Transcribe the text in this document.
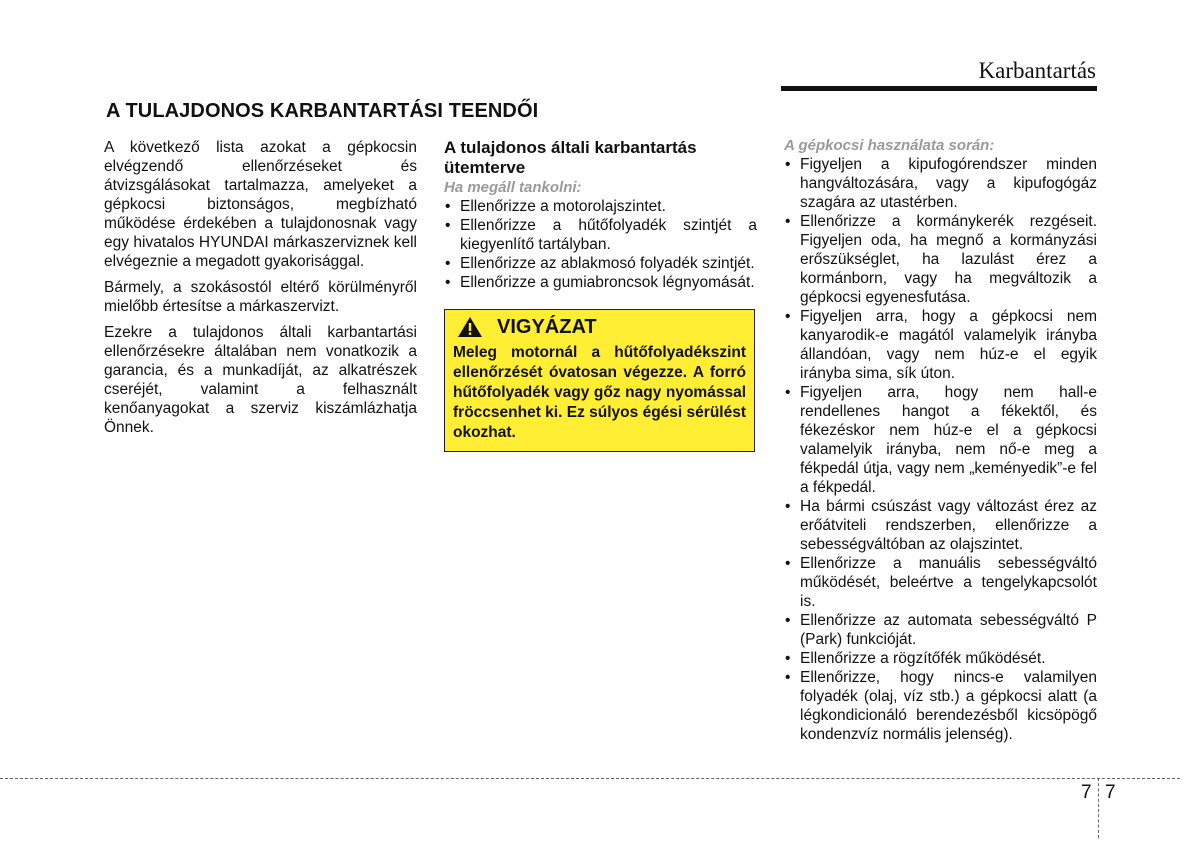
Karbantartás
A TULAJDONOS KARBANTARTÁSI TEENDŐI

A következő lista azokat a gépkocsin elvégzendő ellenőrzéseket és átvizsgálásokat tartalmazza, amelyeket a gépkocsi biztonságos, megbízható működése érdekében a tulajdonosnak vagy egy hivatalos HYUNDAI márkaszerviznek kell elvégeznie a megadott gyakorisággal.

Bármely, a szokásostól eltérő körülményről mielőbb értesítse a márkaszervizt.

Ezekre a tulajdonos általi karbantartási ellenőrzésekre általában nem vonatkozik a garancia, és a munkadíját, az alkatrészek cseréjét, valamint a felhasznált kenőanyagokat a szerviz kiszámlázhatja Önnek.

A tulajdonos általi karbantartás ütemterve

Ha megáll tankolni:

• Ellenőrizze a motorolajszintet.
• Ellenőrizze a hűtőfolyadék szintjét a kiegyenlítő tartályban.
• Ellenőrizze az ablakmosó folyadék szintjét.
• Ellenőrizze a gumiabroncsok légnyomását.
VIGYÁZAT
Meleg motornál a hűtőfolyadékszint ellenőrzését óvatosan végezze. A forró hűtőfolyadék vagy gőz nagy nyomással fröccsenhet ki. Ez súlyos égési sérülést okozhat.

A gépkocsi használata során:

• Figyeljen a kipufogórendszer minden hangváltozására, vagy a kipufogógáz szagára az utastérben.
• Ellenőrizze a kormánykerék rezgéseit. Figyeljen oda, ha megnő a kormányzási erőszükséglet, ha lazulást érez a kormánborn, vagy ha megváltozik a gépkocsi egyenesfutása.
• Figyeljen arra, hogy a gépkocsi nem kanyarodik-e magától valamelyik irányba állandóan, vagy nem húz-e el egyik irányba sima, sík úton.
• Figyeljen arra, hogy nem hall-e rendellenes hangot a fékektől, és fékezéskor nem húz-e el a gépkocsi valamelyik irányba, nem nő-e meg a fékpedál útja, vagy nem „keményedik”-e fel a fékpedál.
• Ha bármi csúszást vagy változást érez az erőátviteli rendszerben, ellenőrizze a sebességváltóban az olajszintet.
• Ellenőrizze a manuális sebességváltó működését, beleértve a tengelykapcsolót is.
• Ellenőrizze az automata sebességváltó P (Park) funkcióját.
• Ellenőrizze a rögzítőfék működését.
• Ellenőrizze, hogy nincs-e valamilyen folyadék (olaj, víz stb.) a gépkocsi alatt (a légkondicionáló berendezésből kicsöpögő kondenzvíz normális jelenség).
7 7
